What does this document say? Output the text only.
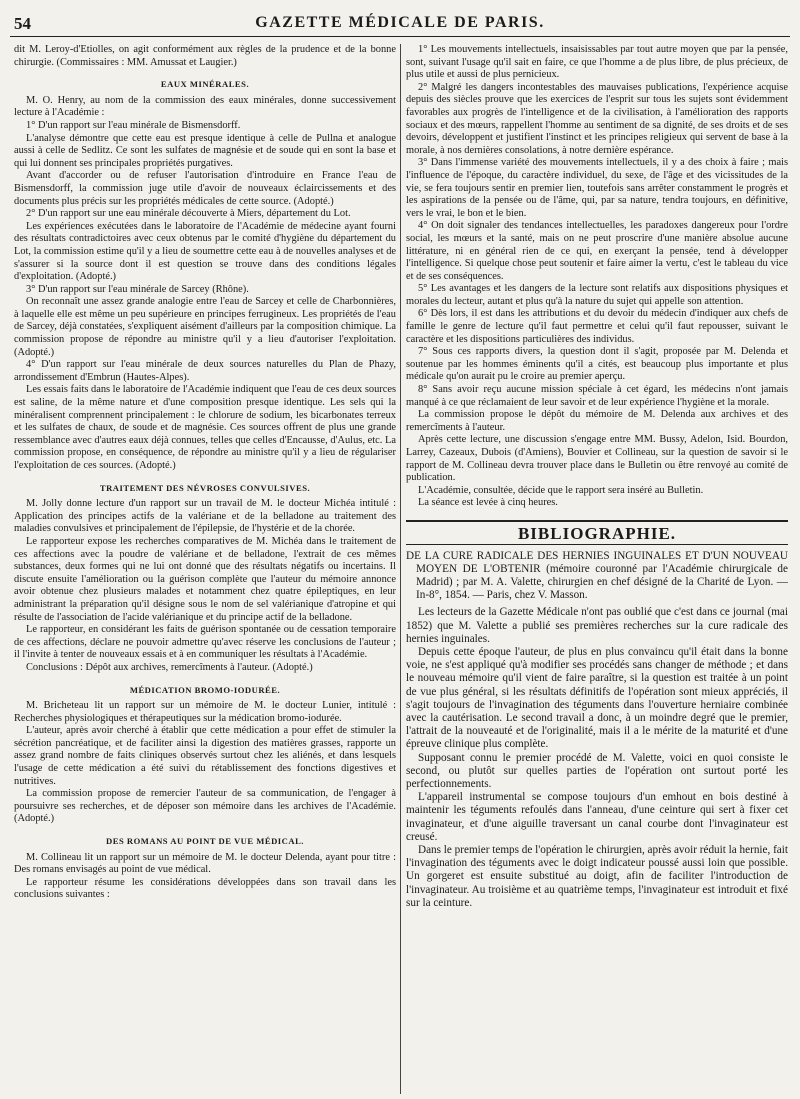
54	GAZETTE MÉDICALE DE PARIS.

dit M. Leroy-d'Etiolles, on agit conformément aux règles de la prudence et de la bonne chirurgie. (Commissaires : MM. Amussat et Laugier.)

EAUX MINÉRALES.

M. O. Henry, au nom de la commission des eaux minérales, donne successivement lecture à l'Académie :

1° D'un rapport sur l'eau minérale de Bismensdorff.

L'analyse démontre que cette eau est presque identique à celle de Pullna et analogue aussi à celle de Sedlitz. Ce sont les sulfates de magnésie et de soude qui en sont la base et qui lui donnent ses principales propriétés purgatives.

Avant d'accorder ou de refuser l'autorisation d'introduire en France l'eau de Bismensdorff, la commission juge utile d'avoir de nouveaux éclaircissements et des documents plus précis sur les propriétés médicales de cette source. (Adopté.)

2° D'un rapport sur une eau minérale découverte à Miers, département du Lot.

Les expériences exécutées dans le laboratoire de l'Académie de médecine ayant fourni des résultats contradictoires avec ceux obtenus par le comité d'hygiène du département du Lot, la commission estime qu'il y a lieu de soumettre cette eau à de nouvelles analyses et de s'assurer si la source dont il est question se trouve dans des conditions légales d'exploitation. (Adopté.)

3° D'un rapport sur l'eau minérale de Sarcey (Rhône).

On reconnaît une assez grande analogie entre l'eau de Sarcey et celle de Charbonnières, à laquelle elle est même un peu supérieure en principes ferrugineux. Les propriétés de l'eau de Sarcey, déjà constatées, s'expliquent aisément d'ailleurs par la composition chimique. La commission propose de répondre au ministre qu'il y a lieu d'autoriser l'exploitation. (Adopté.)

4° D'un rapport sur l'eau minérale de deux sources naturelles du Plan de Phazy, arrondissement d'Embrun (Hautes-Alpes).

Les essais faits dans le laboratoire de l'Académie indiquent que l'eau de ces deux sources est saline, de la même nature et d'une composition presque identique. Les sels qui la minéralisent comprennent principalement : le chlorure de sodium, les bicarbonates terreux et les sulfates de chaux, de soude et de magnésie. Ces sources offrent de plus une grande ressemblance avec d'autres eaux déjà connues, telles que celles d'Encausse, d'Aulus, etc. La commission propose, en conséquence, de répondre au ministre qu'il y a lieu de régulariser l'exploitation de ces sources. (Adopté.)

TRAITEMENT DES NÉVROSES CONVULSIVES.

M. Jolly donne lecture d'un rapport sur un travail de M. le docteur Michéa intitulé : Application des principes actifs de la valériane et de la belladone au traitement des maladies convulsives et principalement de l'épilepsie, de l'hystérie et de la chorée.

Le rapporteur expose les recherches comparatives de M. Michéa dans le traitement de ces affections avec la poudre de valériane et de belladone, l'extrait de ces mêmes substances, deux formes qui ne lui ont donné que des résultats négatifs ou incertains. Il discute ensuite l'amélioration ou la guérison complète que l'auteur du mémoire annonce avoir obtenue chez plusieurs malades et notamment chez quatre épileptiques, en leur administrant la préparation qu'il désigne sous le nom de sel valérianique d'atropine et qui résulte de l'association de l'acide valérianique et du principe actif de la belladone.

Le rapporteur, en considérant les faits de guérison spontanée ou de cessation temporaire de ces affections, déclare ne pouvoir admettre qu'avec réserve les conclusions de l'auteur ; il l'invite à tenter de nouveaux essais et à en communiquer les résultats à l'Académie.

Conclusions : Dépôt aux archives, remercîments à l'auteur. (Adopté.)

MÉDICATION BROMO-IODURÉE.

M. Bricheteau lit un rapport sur un mémoire de M. le docteur Lunier, intitulé : Recherches physiologiques et thérapeutiques sur la médication bromo-iodurée.

L'auteur, après avoir cherché à établir que cette médication a pour effet de stimuler la sécrétion pancréatique, et de faciliter ainsi la digestion des matières grasses, rapporte un assez grand nombre de faits cliniques observés surtout chez les aliénés, et dans lesquels l'usage de cette médication a été suivi du rétablissement des fonctions digestives et nutritives.

La commission propose de remercier l'auteur de sa communication, de l'engager à poursuivre ses recherches, et de déposer son mémoire dans les archives de l'Académie. (Adopté.)

DES ROMANS AU POINT DE VUE MÉDICAL.

M. Collineau lit un rapport sur un mémoire de M. le docteur Delenda, ayant pour titre : Des romans envisagés au point de vue médical.

Le rapporteur résume les considérations développées dans son travail dans les conclusions suivantes :

1° Les mouvements intellectuels, insaisissables par tout autre moyen que par la pensée, sont, suivant l'usage qu'il sait en faire, ce que l'homme a de plus libre, de plus précieux, de plus utile et aussi de plus pernicieux.

2° Malgré les dangers incontestables des mauvaises publications, l'expérience acquise depuis des siècles prouve que les exercices de l'esprit sur tous les sujets sont évidemment favorables aux progrès de l'intelligence et de la civilisation, à l'amélioration des rapports sociaux et des mœurs, rappellent l'homme au sentiment de sa dignité, de ses droits et de ses devoirs, développent et justifient l'instinct et les principes religieux qui servent de base à la morale, à nos dernières consolations, à notre dernière espérance.

3° Dans l'immense variété des mouvements intellectuels, il y a des choix à faire ; mais l'influence de l'époque, du caractère individuel, du sexe, de l'âge et des vicissitudes de la vie, se fera toujours sentir en premier lien, toutefois sans arrêter constamment le progrès et les aspirations de la pensée ou de l'âme, qui, par sa nature, tendra toujours, en définitive, vers le vrai, le bon et le bien.

4° On doit signaler des tendances intellectuelles, les paradoxes dangereux pour l'ordre social, les mœurs et la santé, mais on ne peut proscrire d'une manière absolue aucune littérature, ni en général rien de ce qui, en exerçant la pensée, tend à développer l'intelligence. Si quelque chose peut soutenir et faire aimer la vertu, c'est le tableau du vice et de ses conséquences.

5° Les avantages et les dangers de la lecture sont relatifs aux dispositions physiques et morales du lecteur, autant et plus qu'à la nature du sujet qui appelle son attention.

6° Dès lors, il est dans les attributions et du devoir du médecin d'indiquer aux chefs de famille le genre de lecture qu'il faut permettre et celui qu'il faut repousser, suivant le caractère et les dispositions particulières des individus.

7° Sous ces rapports divers, la question dont il s'agit, proposée par M. Delenda et soutenue par les hommes éminents qu'il a cités, est beaucoup plus importante et plus médicale qu'on aurait pu le croire au premier aperçu.

8° Sans avoir reçu aucune mission spéciale à cet égard, les médecins n'ont jamais manqué à ce que réclamaient de leur savoir et de leur expérience l'hygiène et la morale.

La commission propose le dépôt du mémoire de M. Delenda aux archives et des remercîments à l'auteur.

Après cette lecture, une discussion s'engage entre MM. Bussy, Adelon, Isid. Bourdon, Larrey, Cazeaux, Dubois (d'Amiens), Bouvier et Collineau, sur la question de savoir si le rapport de M. Collineau devra trouver place dans le Bulletin ou être renvoyé au comité de publication.

L'Académie, consultée, décide que le rapport sera inséré au Bulletin.

La séance est levée à cinq heures.

BIBLIOGRAPHIE.
DE LA CURE RADICALE DES HERNIES INGUINALES ET D'UN NOUVEAU MOYEN DE L'OBTENIR (mémoire couronné par l'Académie chirurgicale de Madrid) ; par M. A. Valette, chirurgien en chef désigné de la Charité de Lyon. — In-8°, 1854. — Paris, chez V. Masson.

Les lecteurs de la Gazette Médicale n'ont pas oublié que c'est dans ce journal (mai 1852) que M. Valette a publié ses premières recherches sur la cure radicale des hernies inguinales.

Depuis cette époque l'auteur, de plus en plus convaincu qu'il était dans la bonne voie, ne s'est appliqué qu'à modifier ses procédés sans changer de méthode ; et dans le nouveau mémoire qu'il vient de faire paraître, si la question est traitée à un point de vue plus général, si les résultats définitifs de l'opération sont mieux appréciés, il s'agit toujours de l'invagination des téguments dans l'ouverture herniaire combinée avec la cautérisation. Le second travail a donc, à un moindre degré que le premier, l'attrait de la nouveauté et de l'originalité, mais il a le mérite de la maturité et d'une épreuve clinique plus complète.

Supposant connu le premier procédé de M. Valette, voici en quoi consiste le second, ou plutôt sur quelles parties de l'opération ont surtout porté les perfectionnements.

L'appareil instrumental se compose toujours d'un emhout en bois destiné à maintenir les téguments refoulés dans l'anneau, d'une ceinture qui sert à fixer cet invaginateur, et d'une aiguille traversant un canal courbe dont l'invaginateur est creusé.

Dans le premier temps de l'opération le chirurgien, après avoir réduit la hernie, fait l'invagination des téguments avec le doigt indicateur poussé aussi loin que possible. Un gorgeret est ensuite substitué au doigt, afin de faciliter l'introduction de l'invaginateur. Au troisième et au quatrième temps, l'invaginateur est introduit et fixé sur la ceinture.
